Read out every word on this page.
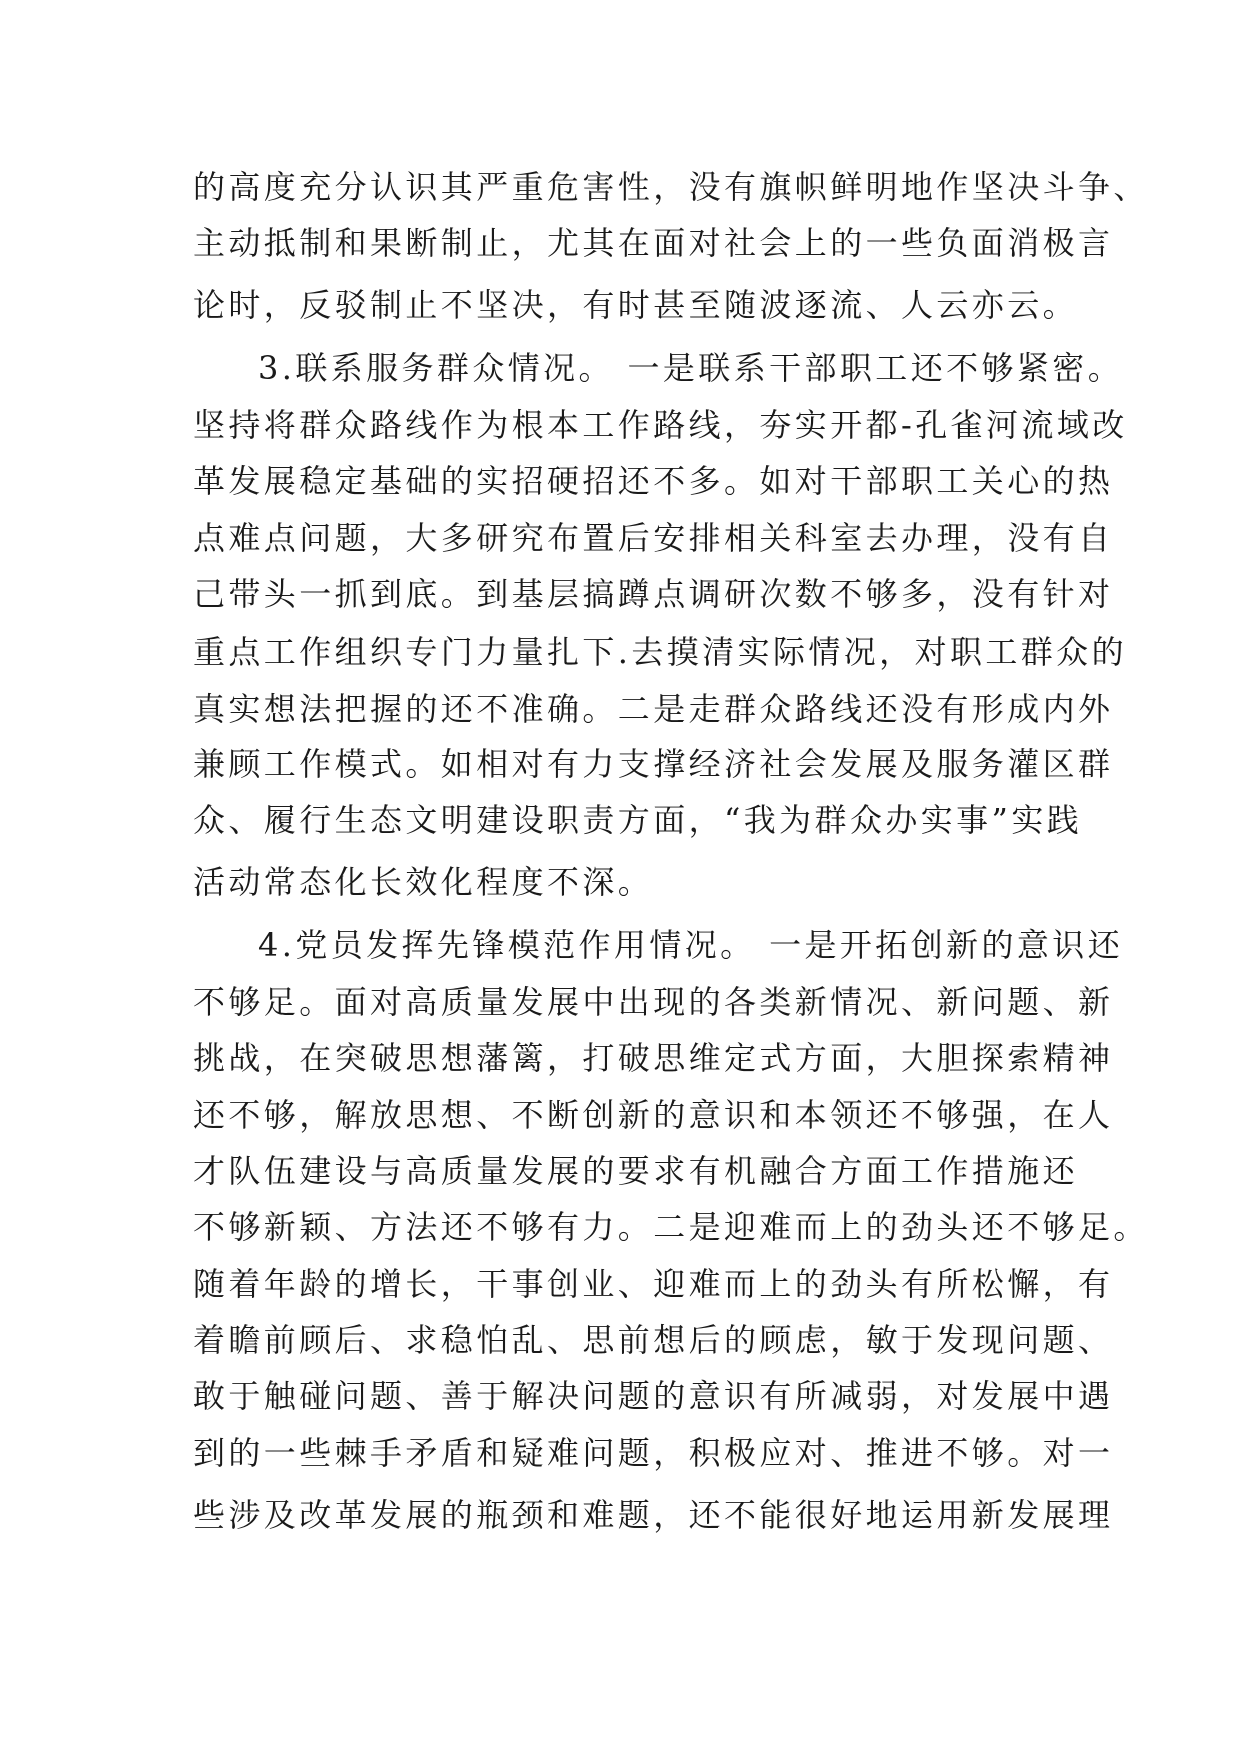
的高度充分认识其严重危害性，没有旗帜鲜明地作坚决斗争、
主动抵制和果断制止，尤其在面对社会上的一些负面消极言
论时，反驳制止不坚决，有时甚至随波逐流、人云亦云。
3.联系服务群众情况。 一是联系干部职工还不够紧密。
坚持将群众路线作为根本工作路线，夯实开都-孔雀河流域改
革发展稳定基础的实招硬招还不多。如对干部职工关心的热
点难点问题，大多研究布置后安排相关科室去办理，没有自
己带头一抓到底。到基层搞蹲点调研次数不够多，没有针对
重点工作组织专门力量扎下.去摸清实际情况，对职工群众的
真实想法把握的还不准确。二是走群众路线还没有形成内外
兼顾工作模式。如相对有力支撑经济社会发展及服务灌区群
众、履行生态文明建设职责方面，“我为群众办实事”实践
活动常态化长效化程度不深。
4.党员发挥先锋模范作用情况。 一是开拓创新的意识还
不够足。面对高质量发展中出现的各类新情况、新问题、新
挑战，在突破思想藩篱，打破思维定式方面，大胆探索精神
还不够，解放思想、不断创新的意识和本领还不够强，在人
才队伍建设与高质量发展的要求有机融合方面工作措施还
不够新颖、方法还不够有力。二是迎难而上的劲头还不够足。
随着年龄的增长，干事创业、迎难而上的劲头有所松懈，有
着瞻前顾后、求稳怕乱、思前想后的顾虑，敏于发现问题、
敢于触碰问题、善于解决问题的意识有所减弱，对发展中遇
到的一些棘手矛盾和疑难问题，积极应对、推进不够。对一
些涉及改革发展的瓶颈和难题，还不能很好地运用新发展理
